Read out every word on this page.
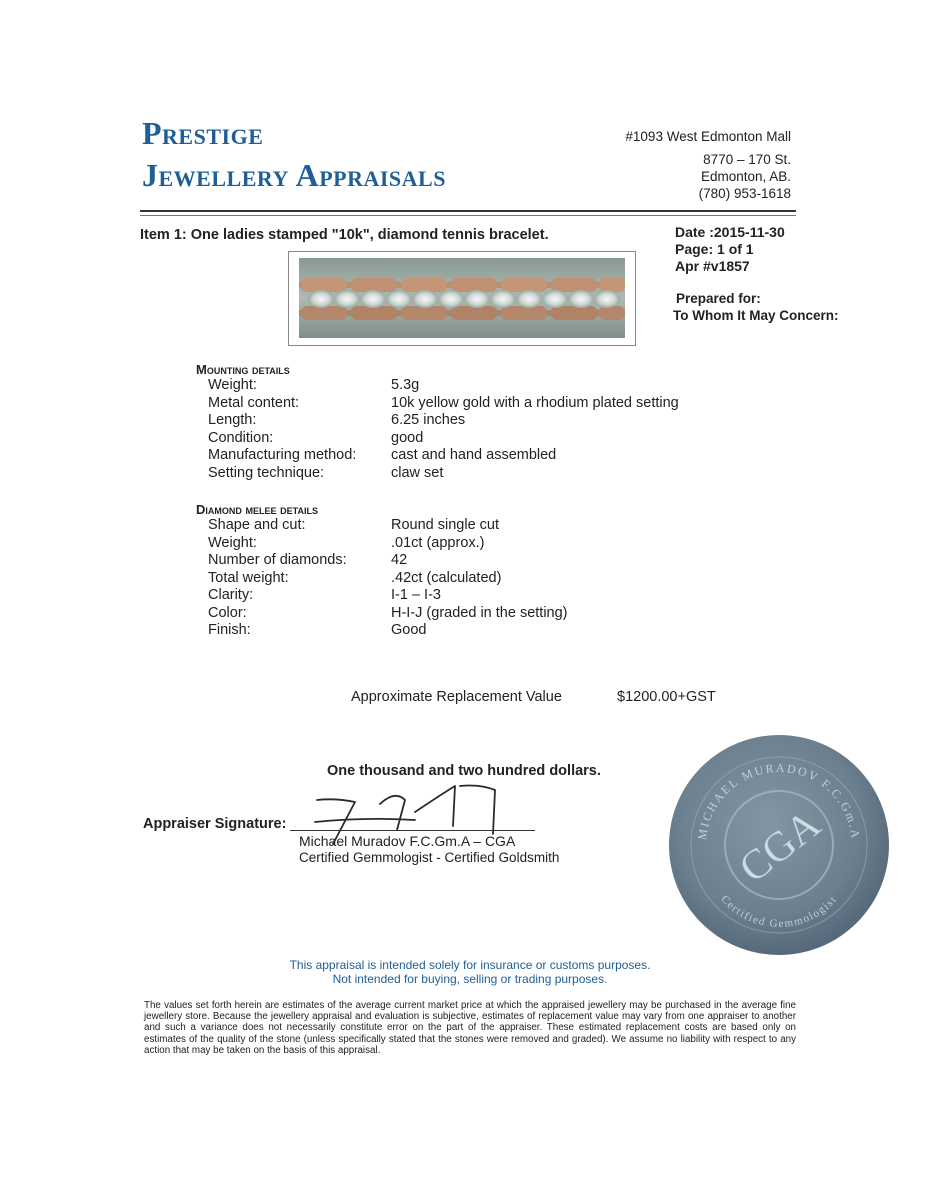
Prestige
Jewellery Appraisals
#1093 West Edmonton Mall
8770 – 170 St.
Edmonton, AB.
(780) 953-1618
Item 1: One ladies stamped "10k", diamond tennis bracelet.	Date :2015-11-30
Page: 1 of 1
Apr #v1857
Prepared for:
To Whom It May Concern:
Mounting details
Weight:	5.3g
Metal content:	10k yellow gold with a rhodium plated setting
Length:	6.25 inches
Condition:	good
Manufacturing method: cast and hand assembled
Setting technique:	claw set
Diamond melee details
Shape and cut:	Round single cut
Weight:	.01ct (approx.)
Number of diamonds:	42
Total weight:	.42ct (calculated)
Clarity:	I-1 – I-3
Color:	H-I-J (graded in the setting)
Finish:	Good
Approximate Replacement Value	$1200.00+GST
One thousand and two hundred dollars.
Appraiser Signature:
Michael Muradov F.C.Gm.A – CGA
Certified Gemmologist - Certified Goldsmith
MICHAEL MURADOV F.C.Gm.A
Certified Gemmologist
CGA
This appraisal is intended solely for insurance or customs purposes.
Not intended for buying, selling or trading purposes.
The values set forth herein are estimates of the average current market price at which the appraised jewellery may be purchased in the average fine jewellery store. Because the jewellery appraisal and evaluation is subjective, estimates of replacement value may vary from one appraiser to another and such a variance does not necessarily constitute error on the part of the appraiser. These estimated replacement costs are based only on estimates of the quality of the stone (unless specifically stated that the stones were removed and graded). We assume no liability with respect to any action that may be taken on the basis of this appraisal.
